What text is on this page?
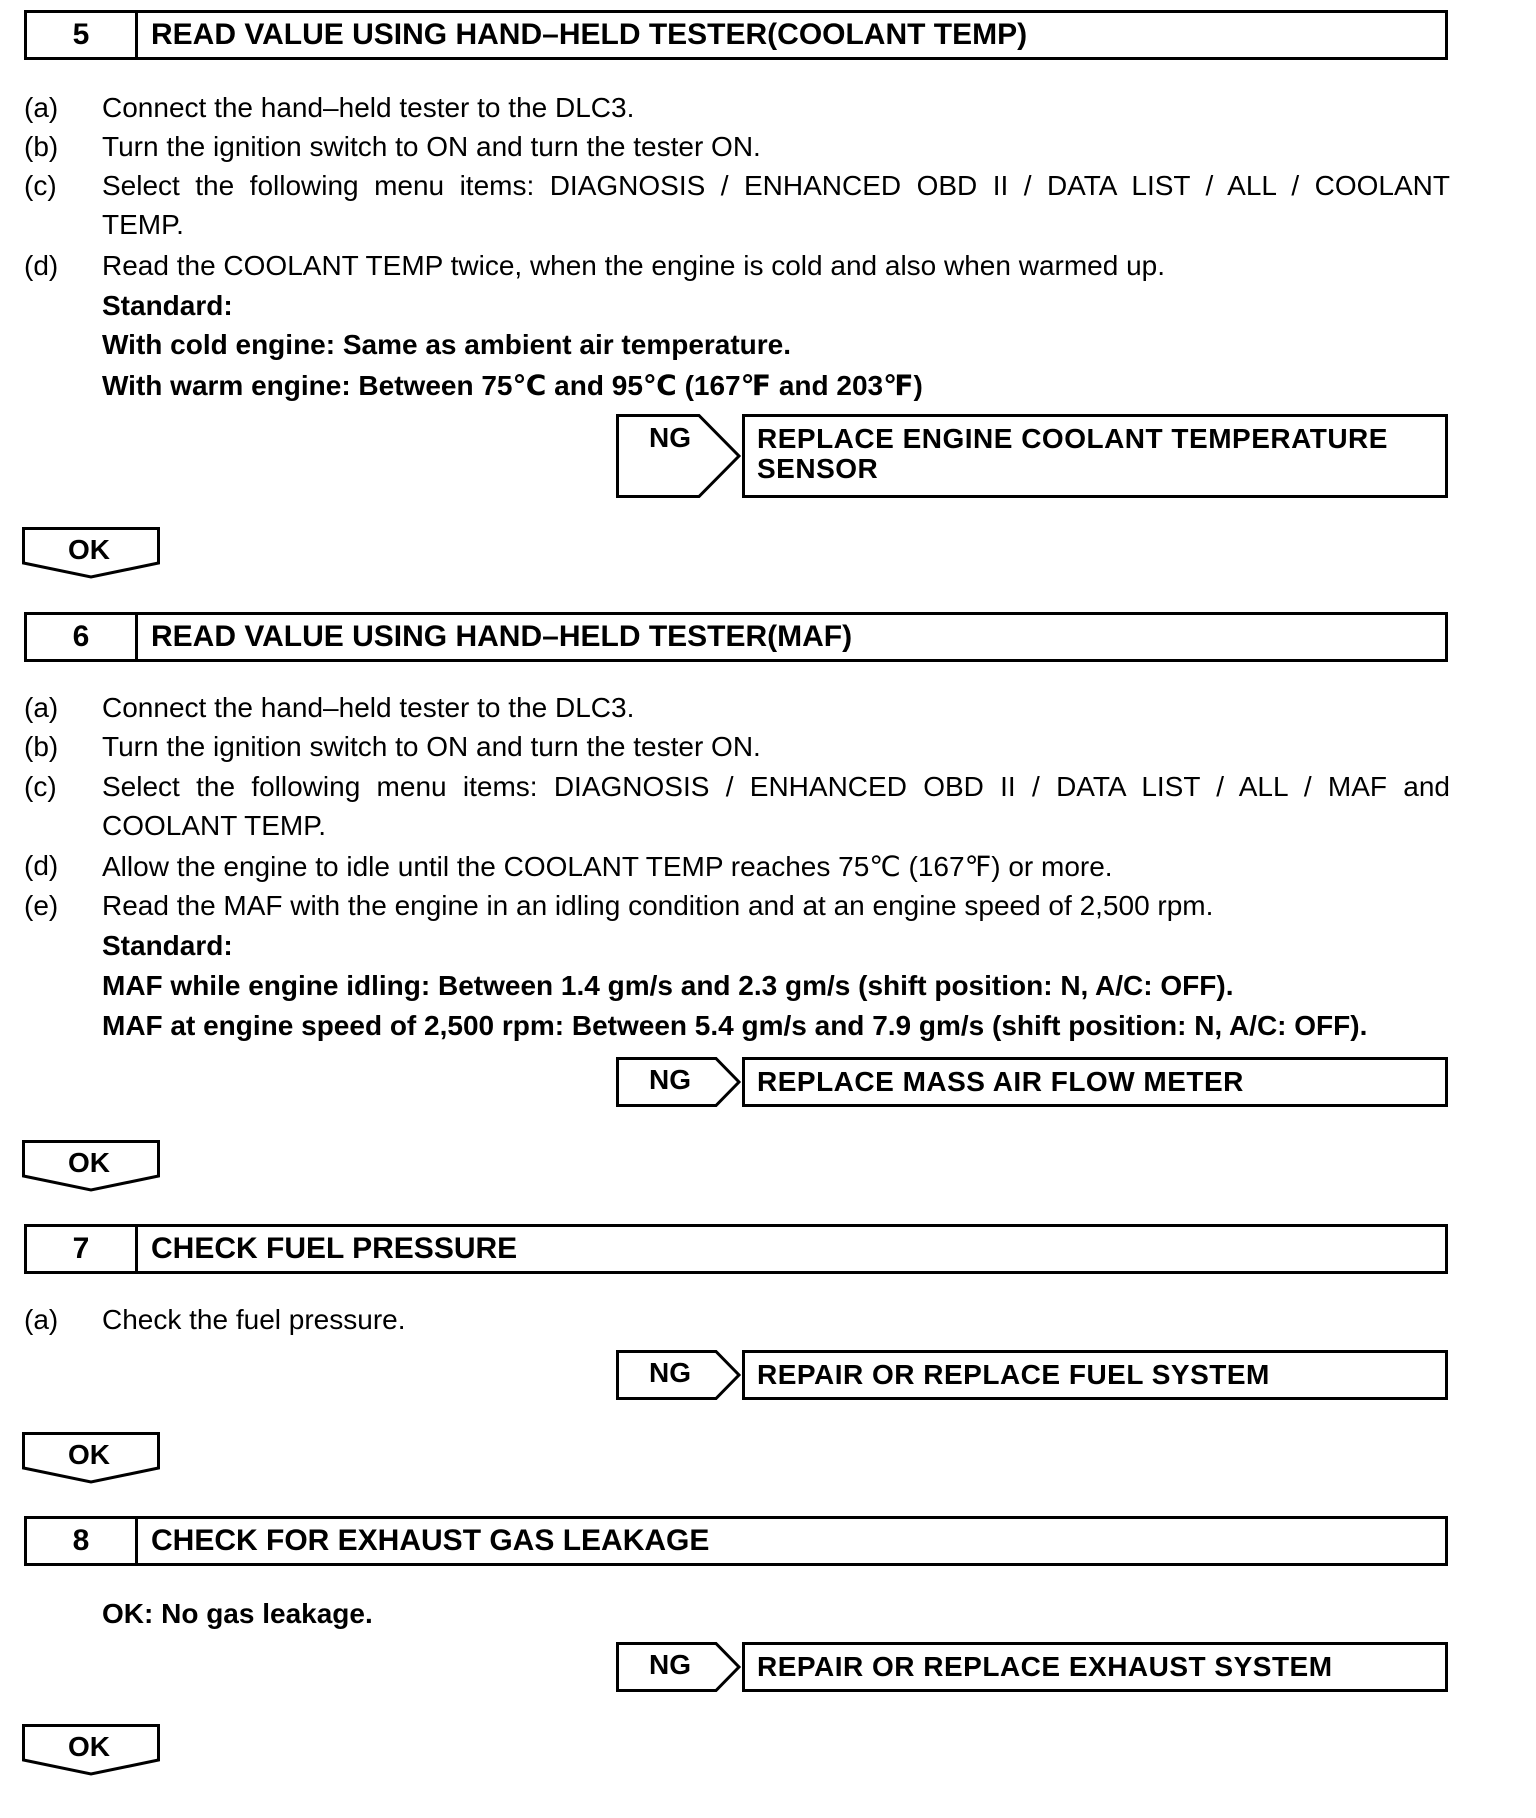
5	READ VALUE USING HAND–HELD TESTER(COOLANT TEMP)
(a) Connect the hand–held tester to the DLC3.
(b) Turn the ignition switch to ON and turn the tester ON.
(c) Select the following menu items: DIAGNOSIS / ENHANCED OBD II / DATA LIST / ALL / COOLANT
TEMP.
(d) Read the COOLANT TEMP twice, when the engine is cold and also when warmed up.
Standard:
With cold engine: Same as ambient air temperature.
With warm engine: Between 75℃ and 95℃ (167℉ and 203℉)
NG	REPLACE ENGINE COOLANT TEMPERATURE
SENSOR
OK
6	READ VALUE USING HAND–HELD TESTER(MAF)
(a) Connect the hand–held tester to the DLC3.
(b) Turn the ignition switch to ON and turn the tester ON.
(c) Select the following menu items: DIAGNOSIS / ENHANCED OBD II / DATA LIST / ALL / MAF and
COOLANT TEMP.
(d) Allow the engine to idle until the COOLANT TEMP reaches 75℃ (167℉) or more.
(e) Read the MAF with the engine in an idling condition and at an engine speed of 2,500 rpm.
Standard:
MAF while engine idling: Between 1.4 gm/s and 2.3 gm/s (shift position: N, A/C: OFF).
MAF at engine speed of 2,500 rpm: Between 5.4 gm/s and 7.9 gm/s (shift position: N, A/C: OFF).
NG	REPLACE MASS AIR FLOW METER
OK
7	CHECK FUEL PRESSURE
(a) Check the fuel pressure.
NG	REPAIR OR REPLACE FUEL SYSTEM
OK
8	CHECK FOR EXHAUST GAS LEAKAGE
OK: No gas leakage.
NG	REPAIR OR REPLACE EXHAUST SYSTEM
OK
